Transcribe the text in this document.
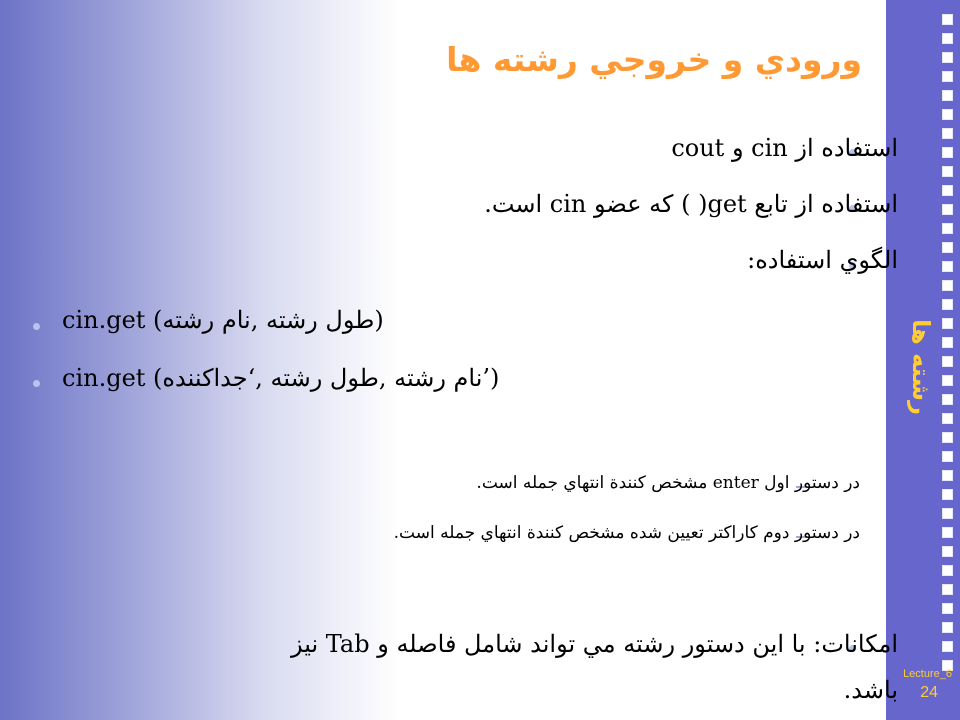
رشته ها
Lecture_6
24
ورودي و خروجي رشته ها
استفاده از cin و cout
استفاده از تابع get( ) که عضو cin است.
الگوي استفاده:
cin.get (طول رشته ,نام رشته)
cin.get (نام رشته ,طول رشته ,‘جداکننده’)
در دستور اول enter مشخص کنندة انتهاي جمله است.
در دستور دوم کاراکتر تعيين شده مشخص کنندة انتهاي جمله است.
امکانات: با اين دستور رشته مي تواند شامل فاصله و Tab نيز
باشد.
